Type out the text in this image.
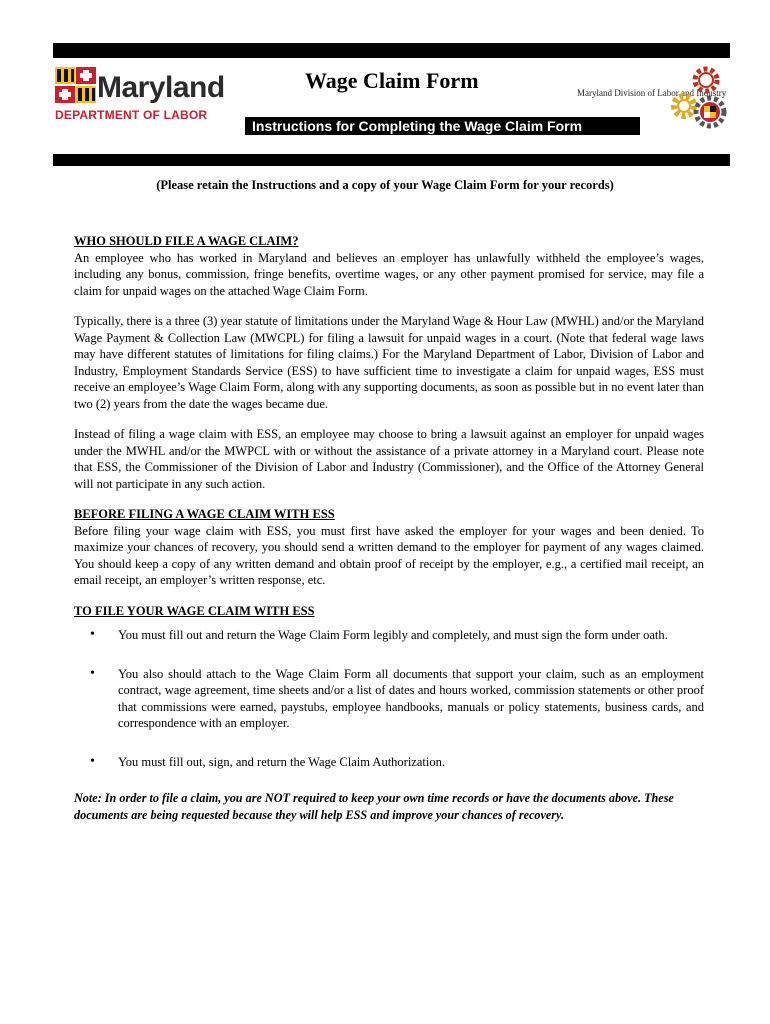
Maryland
DEPARTMENT OF LABOR
Wage Claim Form
Instructions for Completing the Wage Claim Form
Maryland Division of Labor and Industry
(Please retain the Instructions and a copy of your Wage Claim Form for your records)
WHO SHOULD FILE A WAGE CLAIM?

An employee who has worked in Maryland and believes an employer has unlawfully withheld the employee’s wages, including any bonus, commission, fringe benefits, overtime wages, or any other payment promised for service, may file a claim for unpaid wages on the attached Wage Claim Form.

Typically, there is a three (3) year statute of limitations under the Maryland Wage & Hour Law (MWHL) and/or the Maryland Wage Payment & Collection Law (MWCPL) for filing a lawsuit for unpaid wages in a court. (Note that federal wage laws may have different statutes of limitations for filing claims.) For the Maryland Department of Labor, Division of Labor and Industry, Employment Standards Service (ESS) to have sufficient time to investigate a claim for unpaid wages, ESS must receive an employee’s Wage Claim Form, along with any supporting documents, as soon as possible but in no event later than two (2) years from the date the wages became due.

Instead of filing a wage claim with ESS, an employee may choose to bring a lawsuit against an employer for unpaid wages under the MWHL and/or the MWPCL with or without the assistance of a private attorney in a Maryland court. Please note that ESS, the Commissioner of the Division of Labor and Industry (Commissioner), and the Office of the Attorney General will not participate in any such action.

BEFORE FILING A WAGE CLAIM WITH ESS

Before filing your wage claim with ESS, you must first have asked the employer for your wages and been denied. To maximize your chances of recovery, you should send a written demand to the employer for payment of any wages claimed. You should keep a copy of any written demand and obtain proof of receipt by the employer, e.g., a certified mail receipt, an email receipt, an employer’s written response, etc.

TO FILE YOUR WAGE CLAIM WITH ESS
• You must fill out and return the Wage Claim Form legibly and completely, and must sign the form under oath.
• You also should attach to the Wage Claim Form all documents that support your claim, such as an employment contract, wage agreement, time sheets and/or a list of dates and hours worked, commission statements or other proof that commissions were earned, paystubs, employee handbooks, manuals or policy statements, business cards, and correspondence with an employer.
• You must fill out, sign, and return the Wage Claim Authorization.

Note: In order to file a claim, you are NOT required to keep your own time records or have the documents above. These documents are being requested because they will help ESS and improve your chances of recovery.
